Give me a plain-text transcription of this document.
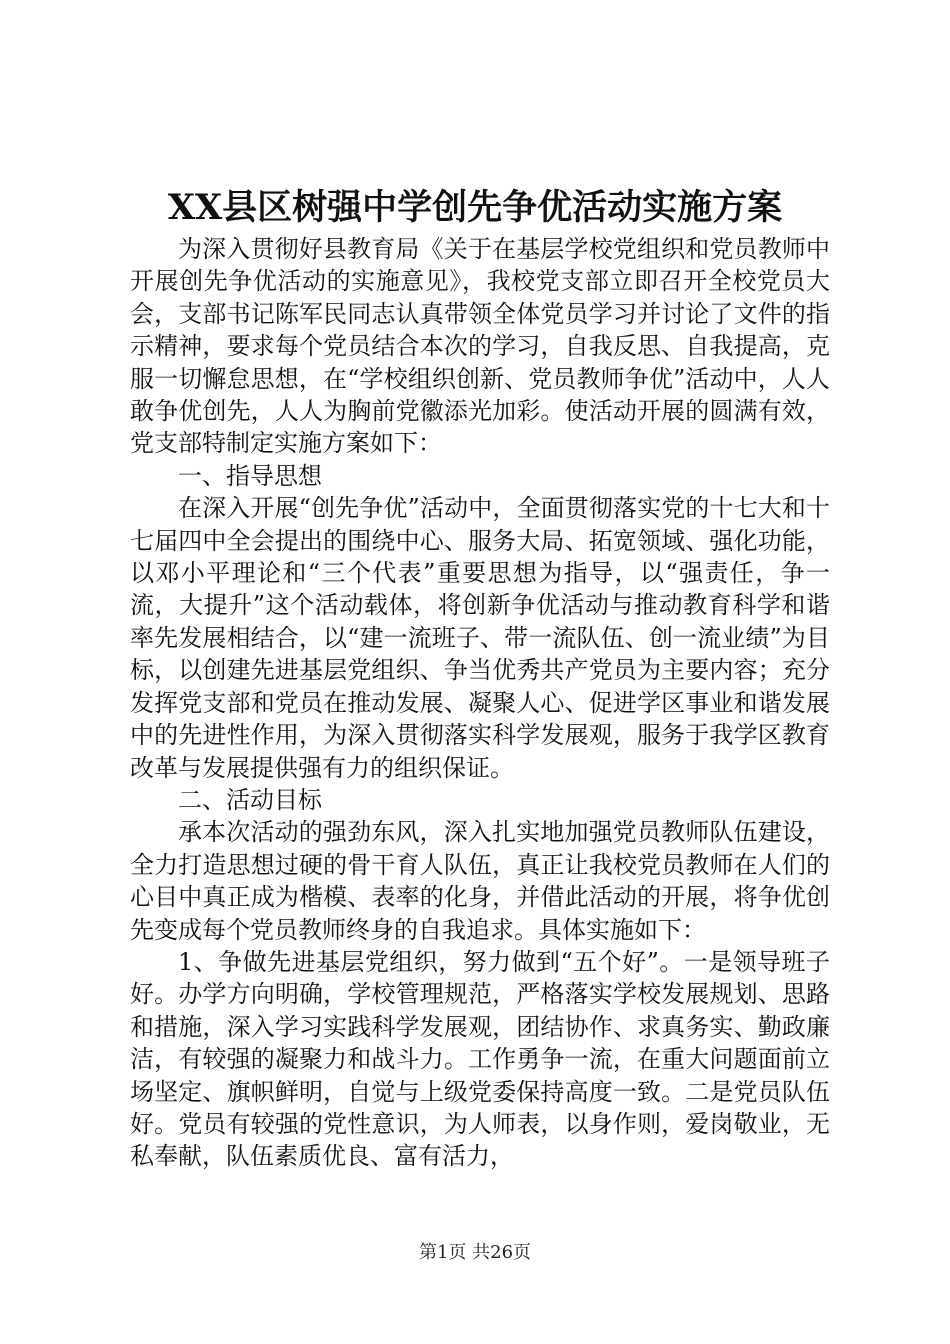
XX县区树强中学创先争优活动实施方案

为深入贯彻好县教育局《关于在基层学校党组织和党员教师中开展创先争优活动的实施意见》，我校党支部立即召开全校党员大会，支部书记陈军民同志认真带领全体党员学习并讨论了文件的指示精神，要求每个党员结合本次的学习，自我反思、自我提高，克服一切懈怠思想，在“学校组织创新、党员教师争优”活动中，人人敢争优创先，人人为胸前党徽添光加彩。使活动开展的圆满有效，党支部特制定实施方案如下：

一、指导思想

在深入开展“创先争优”活动中，全面贯彻落实党的十七大和十七届四中全会提出的围绕中心、服务大局、拓宽领域、强化功能，以邓小平理论和“三个代表”重要思想为指导，以“强责任，争一流，大提升”这个活动载体，将创新争优活动与推动教育科学和谐率先发展相结合，以“建一流班子、带一流队伍、创一流业绩”为目标，以创建先进基层党组织、争当优秀共产党员为主要内容；充分发挥党支部和党员在推动发展、凝聚人心、促进学区事业和谐发展中的先进性作用，为深入贯彻落实科学发展观，服务于我学区教育改革与发展提供强有力的组织保证。

二、活动目标

承本次活动的强劲东风，深入扎实地加强党员教师队伍建设，全力打造思想过硬的骨干育人队伍，真正让我校党员教师在人们的心目中真正成为楷模、表率的化身，并借此活动的开展，将争优创先变成每个党员教师终身的自我追求。具体实施如下：

1、争做先进基层党组织，努力做到“五个好”。一是领导班子好。办学方向明确，学校管理规范，严格落实学校发展规划、思路和措施，深入学习实践科学发展观，团结协作、求真务实、勤政廉洁，有较强的凝聚力和战斗力。工作勇争一流，在重大问题面前立场坚定、旗帜鲜明，自觉与上级党委保持高度一致。二是党员队伍好。党员有较强的党性意识，为人师表，以身作则，爱岗敬业，无私奉献，队伍素质优良、富有活力，

第1页 共26页
